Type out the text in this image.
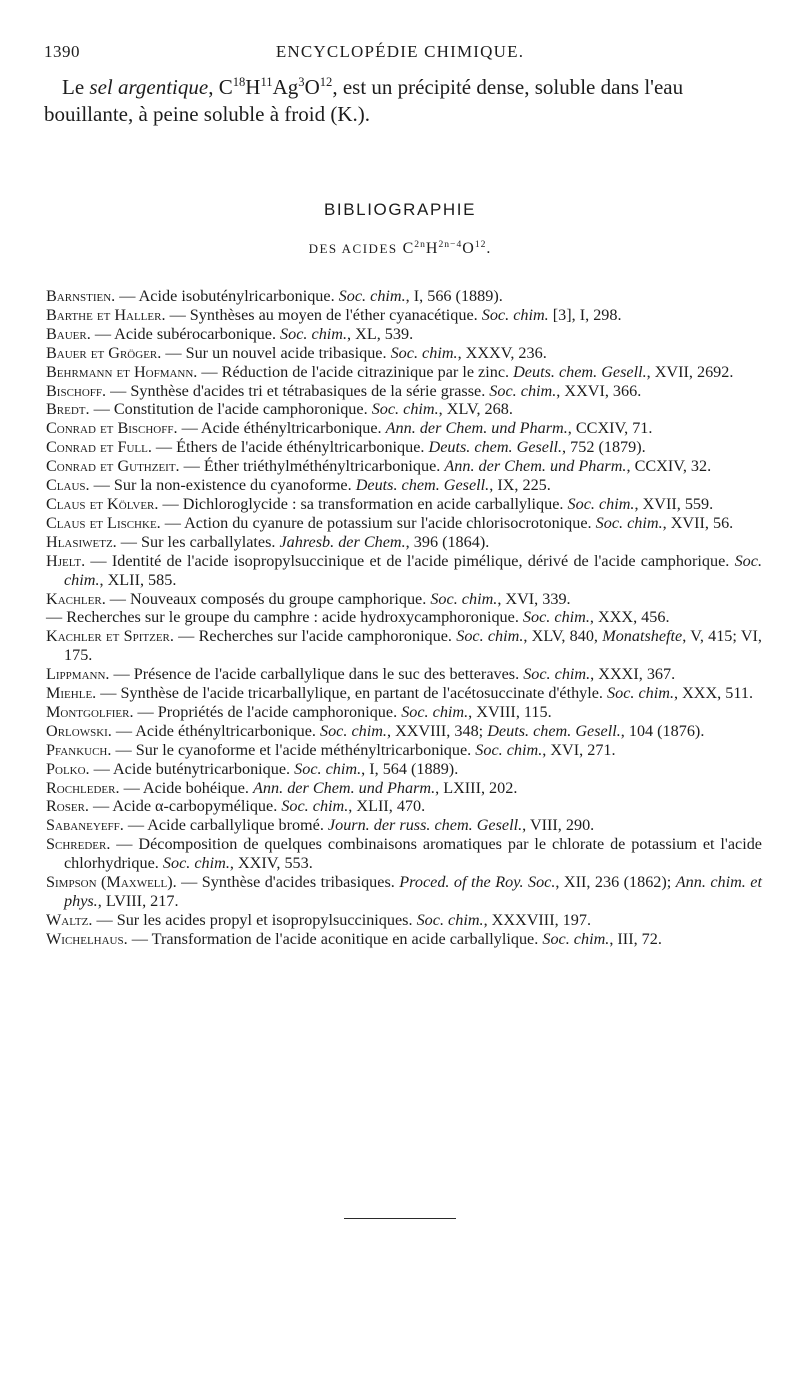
1390	ENCYCLOPÉDIE CHIMIQUE.
Le sel argentique, $C^{18}H^{11}Ag^3O^{12}$, est un précipité dense, soluble dans l'eau
bouillante, à peine soluble à froid (K.).
BIBLIOGRAPHIE
DES ACIDES $C^{2n}H^{2n-4}O^{12}$.
Barnstien. — Acide isobuténylricarbonique. Soc. chim., I, 566 (1889).
Barthe et Haller. — Synthèses au moyen de l'éther cyanacétique. Soc. chim. [3], I, 298.
Bauer. — Acide subérocarbonique. Soc. chim., XL, 539.
Bauer et Gröger. — Sur un nouvel acide tribasique. Soc. chim., XXXV, 236.
Behrmann et Hofmann. — Réduction de l'acide citrazinique par le zinc. Deuts. chem. Gesell., XVII, 2692.
Bischoff. — Synthèse d'acides tri et tétrabasiques de la série grasse. Soc. chim., XXVI, 366.
Bredt. — Constitution de l'acide camphoronique. Soc. chim., XLV, 268.
Conrad et Bischoff. — Acide éthényltricarbonique. Ann. der Chem. und Pharm., CCXIV, 71.
Conrad et Full. — Éthers de l'acide éthényltricarbonique. Deuts. chem. Gesell., 752 (1879).
Conrad et Guthzeit. — Éther triéthylméthényltricarbonique. Ann. der Chem. und Pharm., CCXIV, 32.
Claus. — Sur la non-existence du cyanoforme. Deuts. chem. Gesell., IX, 225.
Claus et Kölver. — Dichloroglycide : sa transformation en acide carballylique. Soc. chim., XVII, 559.
Claus et Lischke. — Action du cyanure de potassium sur l'acide chlorisocrotonique. Soc. chim., XVII, 56.
Hlasiwetz. — Sur les carballylates. Jahresb. der Chem., 396 (1864).
Hjelt. — Identité de l'acide isopropylsuccinique et de l'acide pimélique, dérivé de l'acide camphorique. Soc. chim., XLII, 585.
Kachler. — Nouveaux composés du groupe camphorique. Soc. chim., XVI, 339.
— Recherches sur le groupe du camphre : acide hydroxycamphoronique. Soc. chim., XXX, 456.
Kachler et Spitzer. — Recherches sur l'acide camphoronique. Soc. chim., XLV, 840, Monatshefte, V, 415; VI, 175.
Lippmann. — Présence de l'acide carballylique dans le suc des betteraves. Soc. chim., XXXI, 367.
Miehle. — Synthèse de l'acide tricarballylique, en partant de l'acétosuccinate d'éthyle. Soc. chim., XXX, 511.
Montgolfier. — Propriétés de l'acide camphoronique. Soc. chim., XVIII, 115.
Orlowski. — Acide éthényltricarbonique. Soc. chim., XXVIII, 348; Deuts. chem. Gesell., 104 (1876).
Pfankuch. — Sur le cyanoforme et l'acide méthényltricarbonique. Soc. chim., XVI, 271.
Polko. — Acide buténytricarbonique. Soc. chim., I, 564 (1889).
Rochleder. — Acide bohéique. Ann. der Chem. und Pharm., LXIII, 202.
Roser. — Acide α-carbopymélique. Soc. chim., XLII, 470.
Sabaneyeff. — Acide carballylique bromé. Journ. der russ. chem. Gesell., VIII, 290.
Schreder. — Décomposition de quelques combinaisons aromatiques par le chlorate de potassium et l'acide chlorhydrique. Soc. chim., XXIV, 553.
Simpson (Maxwell). — Synthèse d'acides tribasiques. Proced. of the Roy. Soc., XII, 236 (1862); Ann. chim. et phys., LVIII, 217.
Waltz. — Sur les acides propyl et isopropylsucciniques. Soc. chim., XXXVIII, 197.
Wichelhaus. — Transformation de l'acide aconitique en acide carballylique. Soc. chim., III, 72.
